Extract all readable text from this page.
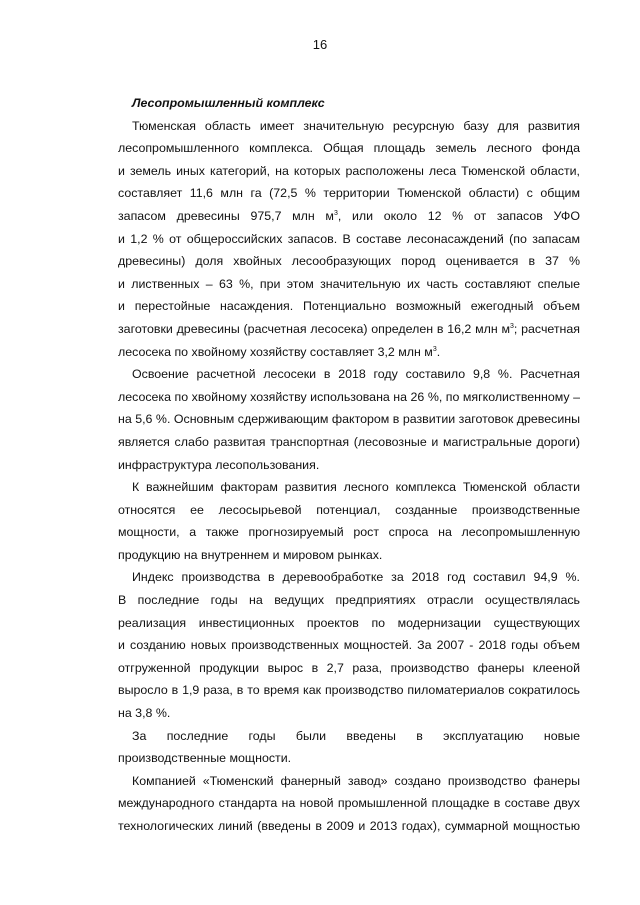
16

Лесопромышленный комплекс

Тюменская область имеет значительную ресурсную базу для развития
лесопромышленного комплекса. Общая площадь земель лесного фонда
и земель иных категорий, на которых расположены леса Тюменской области,
составляет 11,6 млн га (72,5 % территории Тюменской области) с общим
запасом древесины 975,7 млн $м^3$, или около 12 % от запасов УФО
и 1,2 % от общероссийских запасов. В составе лесонасаждений (по запасам
древесины) доля хвойных лесообразующих пород оценивается в 37 %
и лиственных – 63 %, при этом значительную их часть составляют спелые
и перестойные насаждения. Потенциально возможный ежегодный объем
заготовки древесины (расчетная лесосека) определен в 16,2 млн $м^3$; расчетная
лесосека по хвойному хозяйству составляет 3,2 млн $м^3$.
Освоение расчетной лесосеки в 2018 году составило 9,8 %. Расчетная
лесосека по хвойному хозяйству использована на 26 %, по мягколиственному –
на 5,6 %. Основным сдерживающим фактором в развитии заготовок древесины
является слабо развитая транспортная (лесовозные и магистральные дороги)
инфраструктура лесопользования.
К важнейшим факторам развития лесного комплекса Тюменской области
относятся ее лесосырьевой потенциал, созданные производственные
мощности, а также прогнозируемый рост спроса на лесопромышленную
продукцию на внутреннем и мировом рынках.
Индекс производства в деревообработке за 2018 год составил 94,9 %.
В последние годы на ведущих предприятиях отрасли осуществлялась
реализация инвестиционных проектов по модернизации существующих
и созданию новых производственных мощностей. За 2007 - 2018 годы объем
отгруженной продукции вырос в 2,7 раза, производство фанеры клееной
выросло в 1,9 раза, в то время как производство пиломатериалов сократилось
на 3,8 %.
За последние годы были введены в эксплуатацию новые
производственные мощности.
Компанией «Тюменский фанерный завод» создано производство фанеры
международного стандарта на новой промышленной площадке в составе двух
технологических линий (введены в 2009 и 2013 годах), суммарной мощностью
